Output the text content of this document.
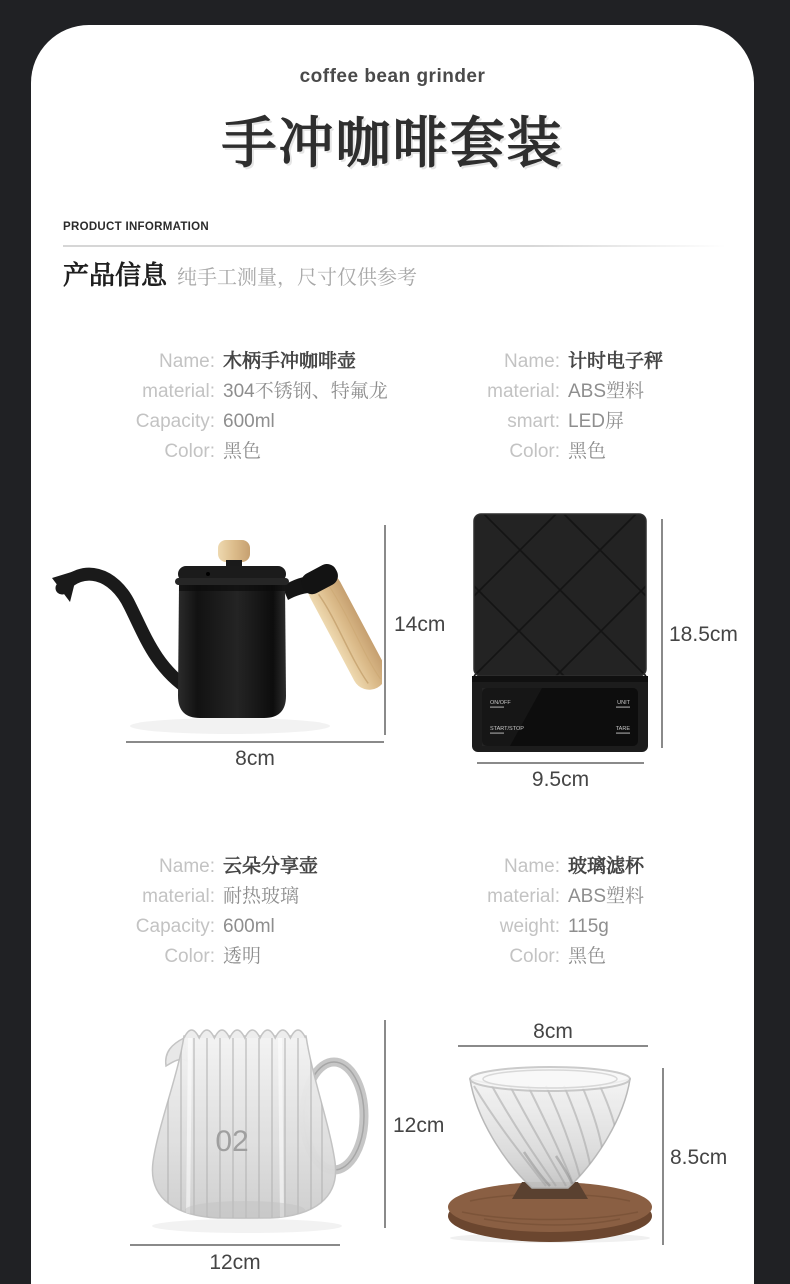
coffee bean grinder
手冲咖啡套装
PRODUCT INFORMATION
产品信息 纯手工测量，尺寸仅供参考
Name: 木柄手冲咖啡壶
material: 304不锈钢、特氟龙
Capacity: 600ml
Color: 黑色
Name: 计时电子秤
material: ABS塑料
smart: LED屏
Color: 黑色
14cm
8cm
ON/OFF
START/STOP
UNIT
TARE
18.5cm
9.5cm
Name: 云朵分享壶
material: 耐热玻璃
Capacity: 600ml
Color: 透明
Name: 玻璃滤杯
material: ABS塑料
weight: 115g
Color: 黑色
02	12cm
12cm
8cm
8.5cm
